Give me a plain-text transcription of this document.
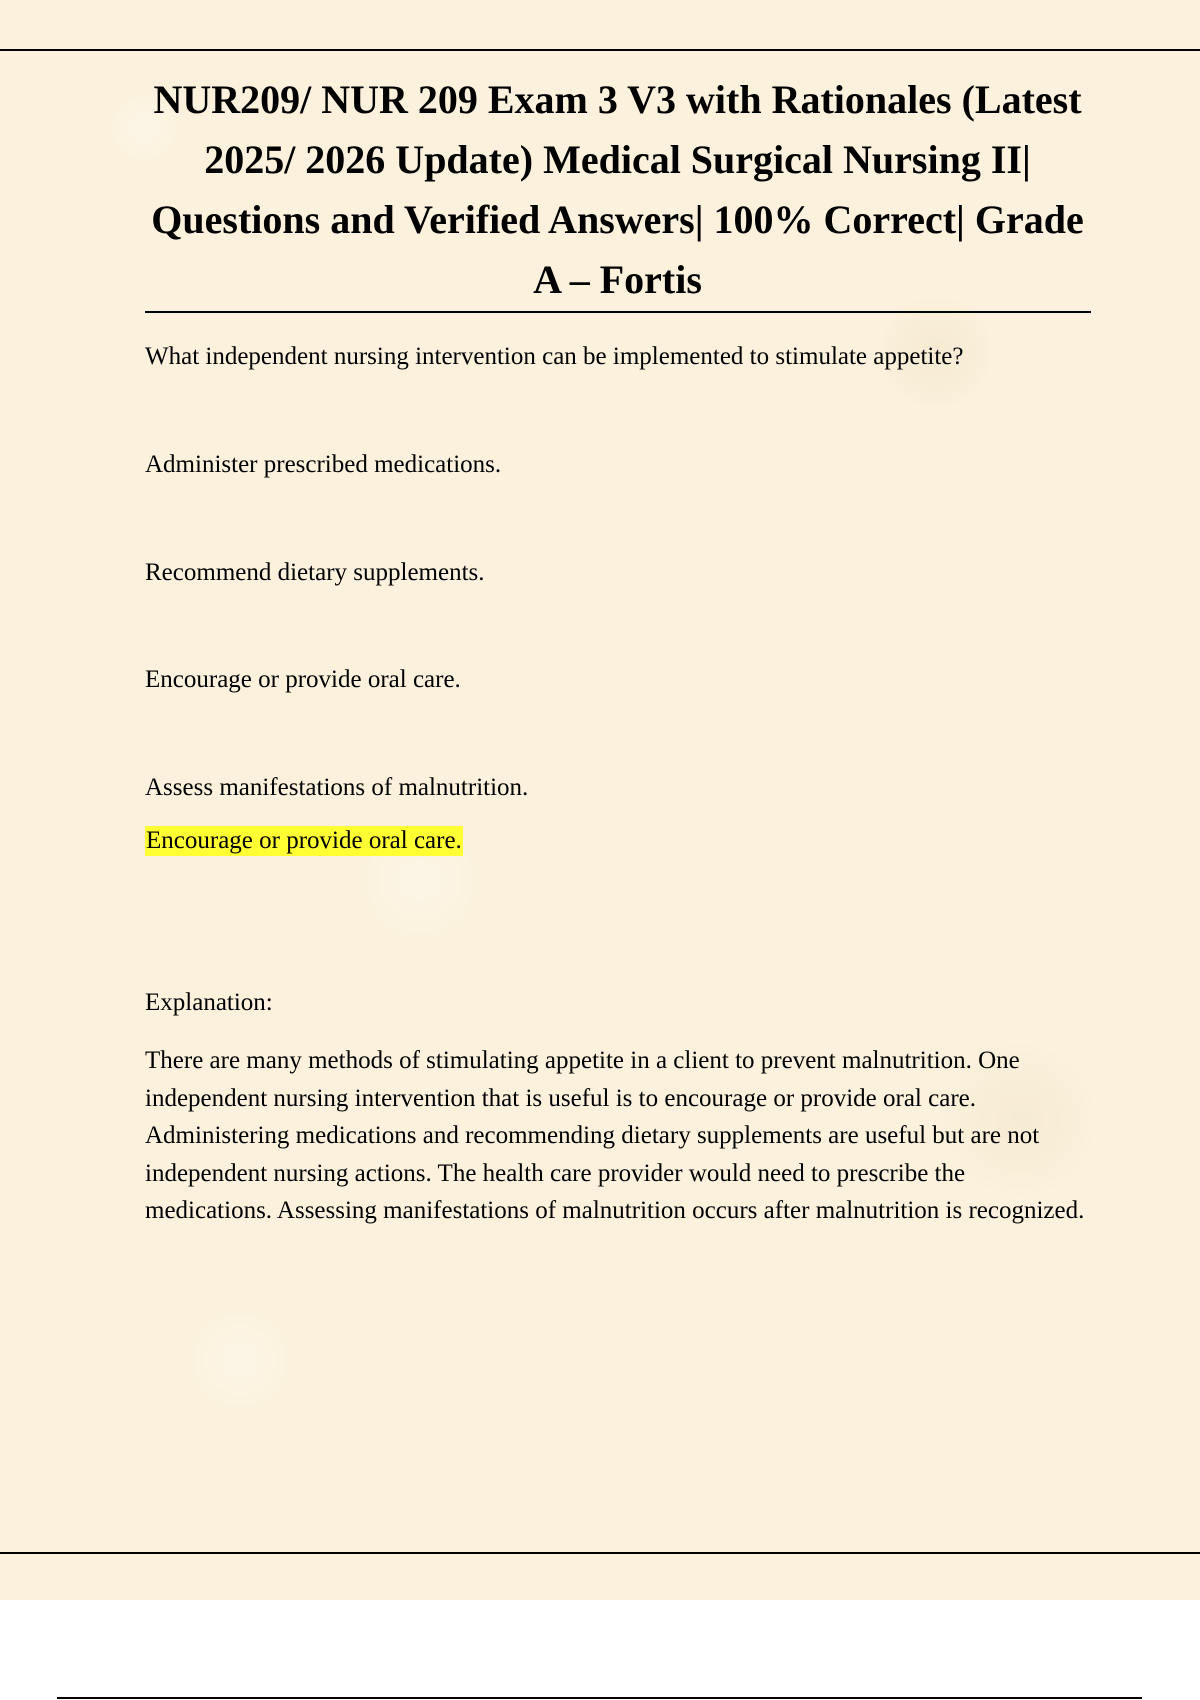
NUR209/ NUR 209 Exam 3 V3 with Rationales (Latest 2025/ 2026 Update) Medical Surgical Nursing II| Questions and Verified Answers| 100% Correct| Grade A – Fortis

What independent nursing intervention can be implemented to stimulate appetite?

Administer prescribed medications.

Recommend dietary supplements.

Encourage or provide oral care.

Assess manifestations of malnutrition.

Encourage or provide oral care.

Explanation:

There are many methods of stimulating appetite in a client to prevent malnutrition. One independent nursing intervention that is useful is to encourage or provide oral care. Administering medications and recommending dietary supplements are useful but are not independent nursing actions. The health care provider would need to prescribe the medications. Assessing manifestations of malnutrition occurs after malnutrition is recognized.
